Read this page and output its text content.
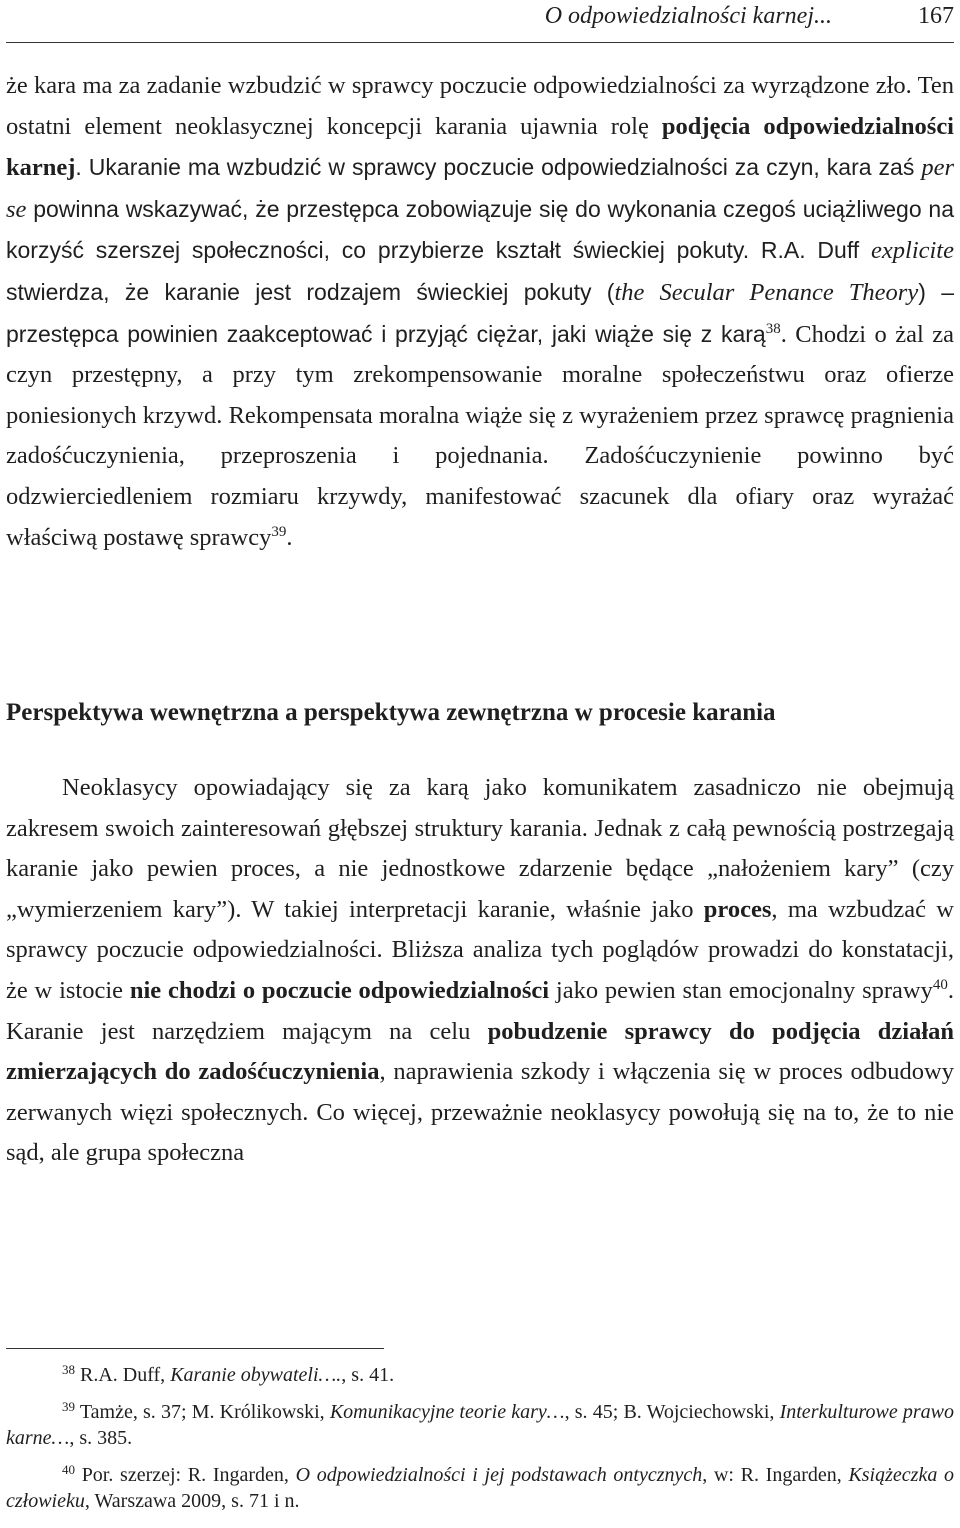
O odpowiedzialności karnej...	167

że kara ma za zadanie wzbudzić w sprawcy poczucie odpowiedzialności za wyrządzone zło. Ten ostatni element neoklasycznej koncepcji karania ujawnia rolę podjęcia odpowiedzialności karnej. Ukaranie ma wzbudzić w sprawcy poczucie odpowiedzialności za czyn, kara zaś per se powinna wskazywać, że przestępca zobowiązuje się do wykonania czegoś uciążliwego na korzyść szerszej społeczności, co przybierze kształt świeckiej pokuty. R.A. Duff explicite stwierdza, że karanie jest rodzajem świeckiej pokuty (the Secular Penance Theory) – przestępca powinien zaakceptować i przyjąć ciężar, jaki wiąże się z karą$^{38}$. Chodzi o żal za czyn przestępny, a przy tym zrekompensowanie moralne społeczeństwu oraz ofierze poniesionych krzywd. Rekompensata moralna wiąże się z wyrażeniem przez sprawcę pragnienia zadośćuczynienia, przeproszenia i pojednania. Zadośćuczynienie powinno być odzwierciedleniem rozmiaru krzywdy, manifestować szacunek dla ofiary oraz wyrażać właściwą postawę sprawcy$^{39}$.

Perspektywa wewnętrzna a perspektywa zewnętrzna w procesie karania

Neoklasycy opowiadający się za karą jako komunikatem zasadniczo nie obejmują zakresem swoich zainteresowań głębszej struktury karania. Jednak z całą pewnością postrzegają karanie jako pewien proces, a nie jednostkowe zdarzenie będące „nałożeniem kary” (czy „wymierzeniem kary”). W takiej interpretacji karanie, właśnie jako proces, ma wzbudzać w sprawcy poczucie odpowiedzialności. Bliższa analiza tych poglądów prowadzi do konstatacji, że w istocie nie chodzi o poczucie odpowiedzialności jako pewien stan emocjonalny sprawy$^{40}$. Karanie jest narzędziem mającym na celu pobudzenie sprawcy do podjęcia działań zmierzających do zadośćuczynienia, naprawienia szkody i włączenia się w proces odbudowy zerwanych więzi społecznych. Co więcej, przeważnie neoklasycy powołują się na to, że to nie sąd, ale grupa społeczna

$^{38}$ R.A. Duff, Karanie obywateli…., s. 41.

$^{39}$ Tamże, s. 37; M. Królikowski, Komunikacyjne teorie kary…, s. 45; B. Wojciechowski, Interkulturowe prawo karne…, s. 385.

$^{40}$ Por. szerzej: R. Ingarden, O odpowiedzialności i jej podstawach ontycznych, w: R. Ingarden, Książeczka o człowieku, Warszawa 2009, s. 71 i n.
